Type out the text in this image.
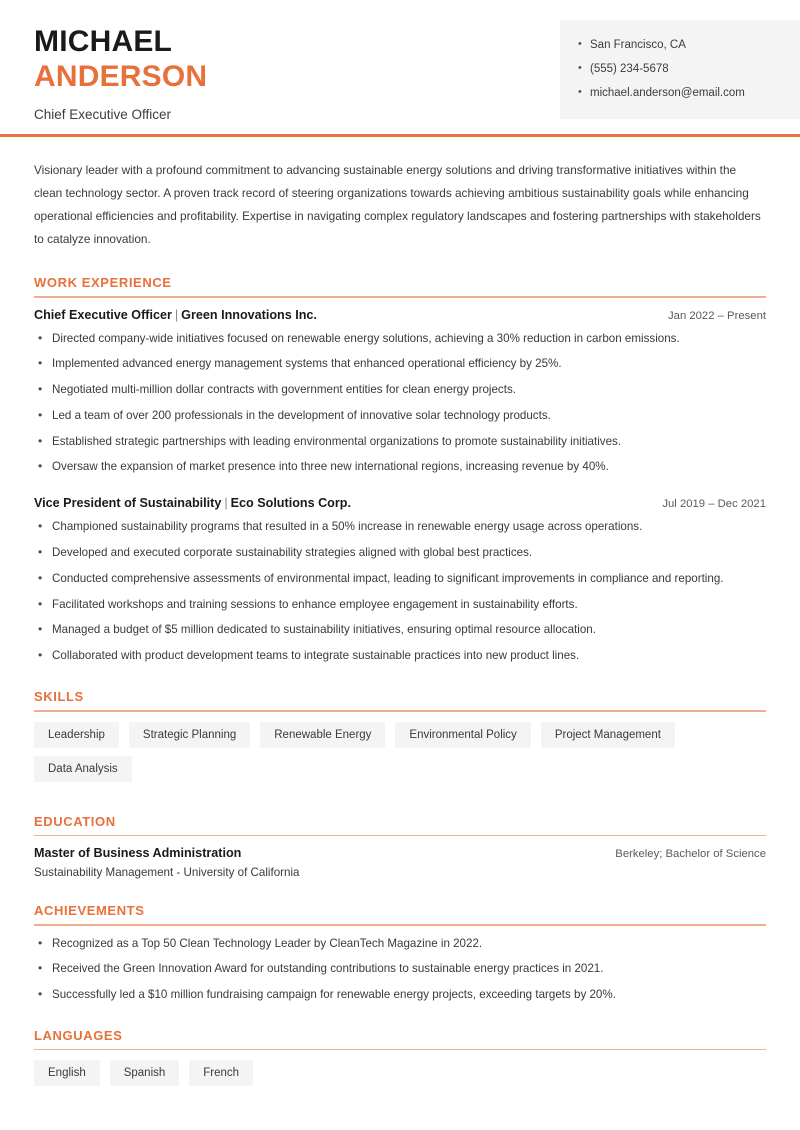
MICHAEL
ANDERSON
Chief Executive Officer
• San Francisco, CA
• (555) 234-5678
• michael.anderson@email.com

Visionary leader with a profound commitment to advancing sustainable energy solutions and driving transformative initiatives within the clean technology sector. A proven track record of steering organizations towards achieving ambitious sustainability goals while enhancing operational efficiencies and profitability. Expertise in navigating complex regulatory landscapes and fostering partnerships with stakeholders to catalyze innovation.

WORK EXPERIENCE
Chief Executive Officer | Green Innovations Inc.	Jan 2022 – Present
• Directed company-wide initiatives focused on renewable energy solutions, achieving a 30% reduction in carbon emissions.
• Implemented advanced energy management systems that enhanced operational efficiency by 25%.
• Negotiated multi-million dollar contracts with government entities for clean energy projects.
• Led a team of over 200 professionals in the development of innovative solar technology products.
• Established strategic partnerships with leading environmental organizations to promote sustainability initiatives.
• Oversaw the expansion of market presence into three new international regions, increasing revenue by 40%.
Vice President of Sustainability | Eco Solutions Corp.	Jul 2019 – Dec 2021
• Championed sustainability programs that resulted in a 50% increase in renewable energy usage across operations.
• Developed and executed corporate sustainability strategies aligned with global best practices.
• Conducted comprehensive assessments of environmental impact, leading to significant improvements in compliance and reporting.
• Facilitated workshops and training sessions to enhance employee engagement in sustainability efforts.
• Managed a budget of $5 million dedicated to sustainability initiatives, ensuring optimal resource allocation.
• Collaborated with product development teams to integrate sustainable practices into new product lines.
SKILLS
Leadership	Strategic Planning	Renewable Energy	Environmental Policy	Project Management
Data Analysis
EDUCATION
Master of Business Administration	Berkeley; Bachelor of Science
Sustainability Management - University of California
ACHIEVEMENTS
• Recognized as a Top 50 Clean Technology Leader by CleanTech Magazine in 2022.
• Received the Green Innovation Award for outstanding contributions to sustainable energy practices in 2021.
• Successfully led a $10 million fundraising campaign for renewable energy projects, exceeding targets by 20%.
LANGUAGES
English	Spanish	French
